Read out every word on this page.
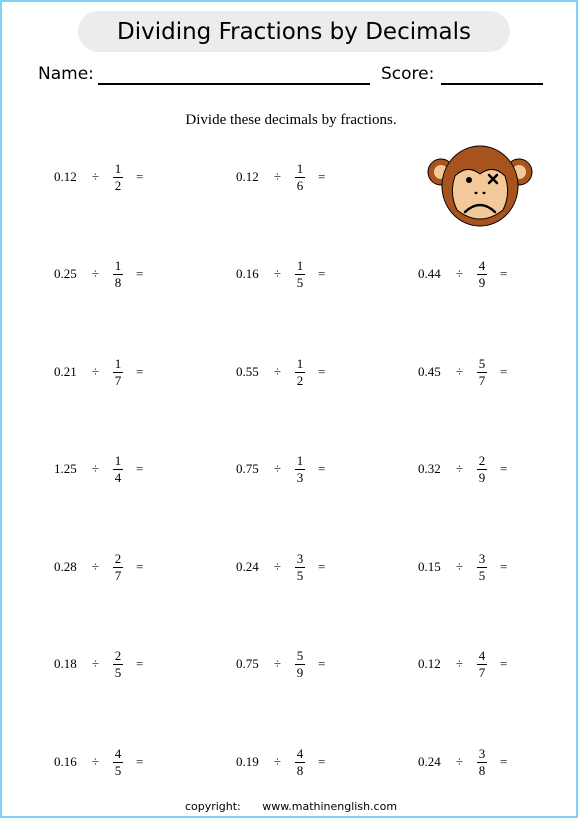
Dividing Fractions by Decimals
Name:	Score:
Divide these decimals by fractions.
0.12	÷ $\frac{1}{2}$ =	0.12	÷ $\frac{1}{6}$ =
0.25	÷ $\frac{1}{8}$ =	0.16	÷ $\frac{1}{5}$ =	0.44	÷ $\frac{4}{9}$ =
0.21	÷ $\frac{1}{7}$ =	0.55	÷ $\frac{1}{2}$ =	0.45	÷ $\frac{5}{7}$ =
1.25	÷ $\frac{1}{4}$ =	0.75	÷ $\frac{1}{3}$ =	0.32	÷ $\frac{2}{9}$ =
0.28	÷ $\frac{2}{7}$ =	0.24	÷ $\frac{3}{5}$ =	0.15	÷ $\frac{3}{5}$ =
0.18	÷ $\frac{2}{5}$ =	0.75	÷ $\frac{5}{9}$ =	0.12	÷ $\frac{4}{7}$ =
0.16	÷ $\frac{4}{5}$ =	0.19	÷ $\frac{4}{8}$ =	0.24	÷ $\frac{3}{8}$ =
copyright: www.mathinenglish.com
